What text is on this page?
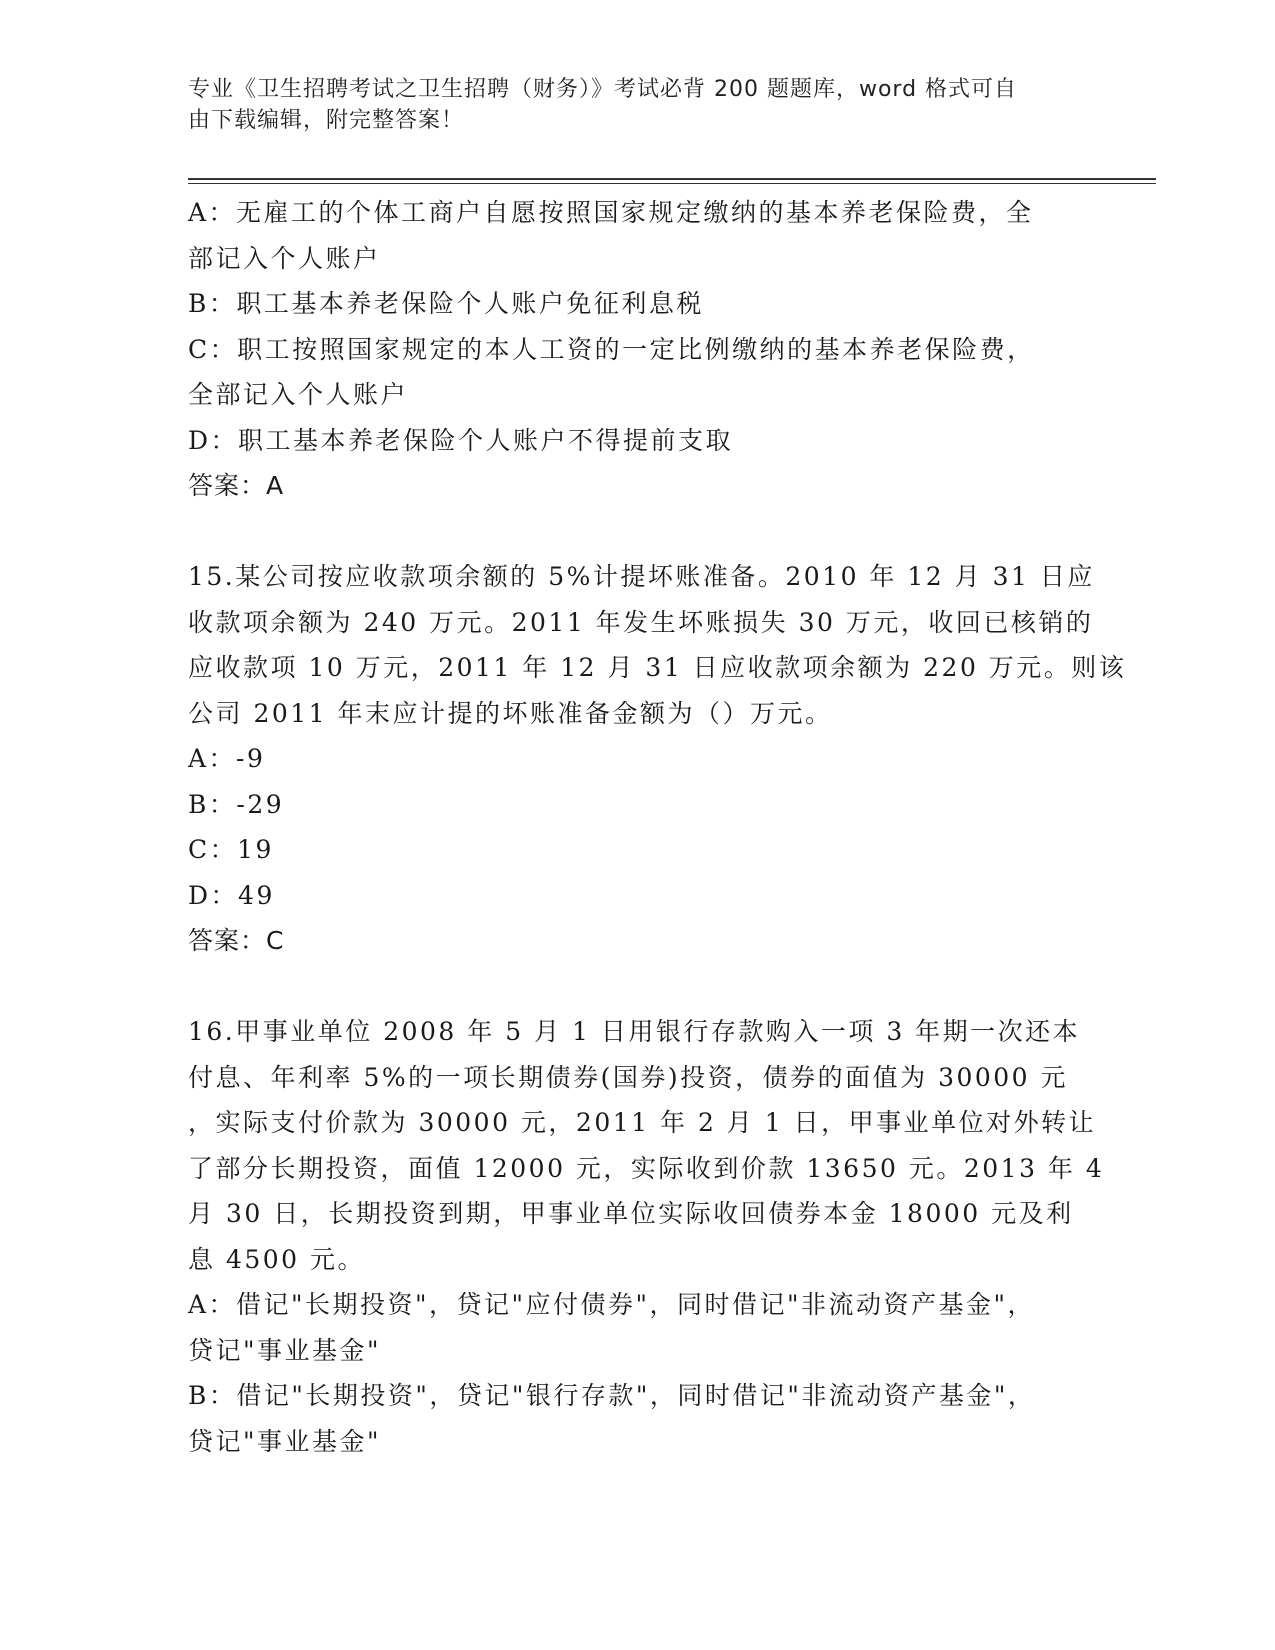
专业《卫生招聘考试之卫生招聘（财务）》考试必背 200 题题库，word 格式可自
由下载编辑，附完整答案！
A：无雇工的个体工商户自愿按照国家规定缴纳的基本养老保险费，全
部记入个人账户
B：职工基本养老保险个人账户免征利息税
C：职工按照国家规定的本人工资的一定比例缴纳的基本养老保险费，
全部记入个人账户
D：职工基本养老保险个人账户不得提前支取
答案：A
15.某公司按应收款项余额的 5%计提坏账准备。2010 年 12 月 31 日应
收款项余额为 240 万元。2011 年发生坏账损失 30 万元，收回已核销的
应收款项 10 万元，2011 年 12 月 31 日应收款项余额为 220 万元。则该
公司 2011 年末应计提的坏账准备金额为（）万元。
A：-9
B：-29
C：19
D：49
答案：C
16.甲事业单位 2008 年 5 月 1 日用银行存款购入一项 3 年期一次还本
付息、年利率 5%的一项长期债券(国券)投资，债券的面值为 30000 元
，实际支付价款为 30000 元，2011 年 2 月 1 日，甲事业单位对外转让
了部分长期投资，面值 12000 元，实际收到价款 13650 元。2013 年 4
月 30 日，长期投资到期，甲事业单位实际收回债券本金 18000 元及利
息 4500 元。
A：借记"长期投资"，贷记"应付债券"，同时借记"非流动资产基金"，
贷记"事业基金"
B：借记"长期投资"，贷记"银行存款"，同时借记"非流动资产基金"，
贷记"事业基金"
